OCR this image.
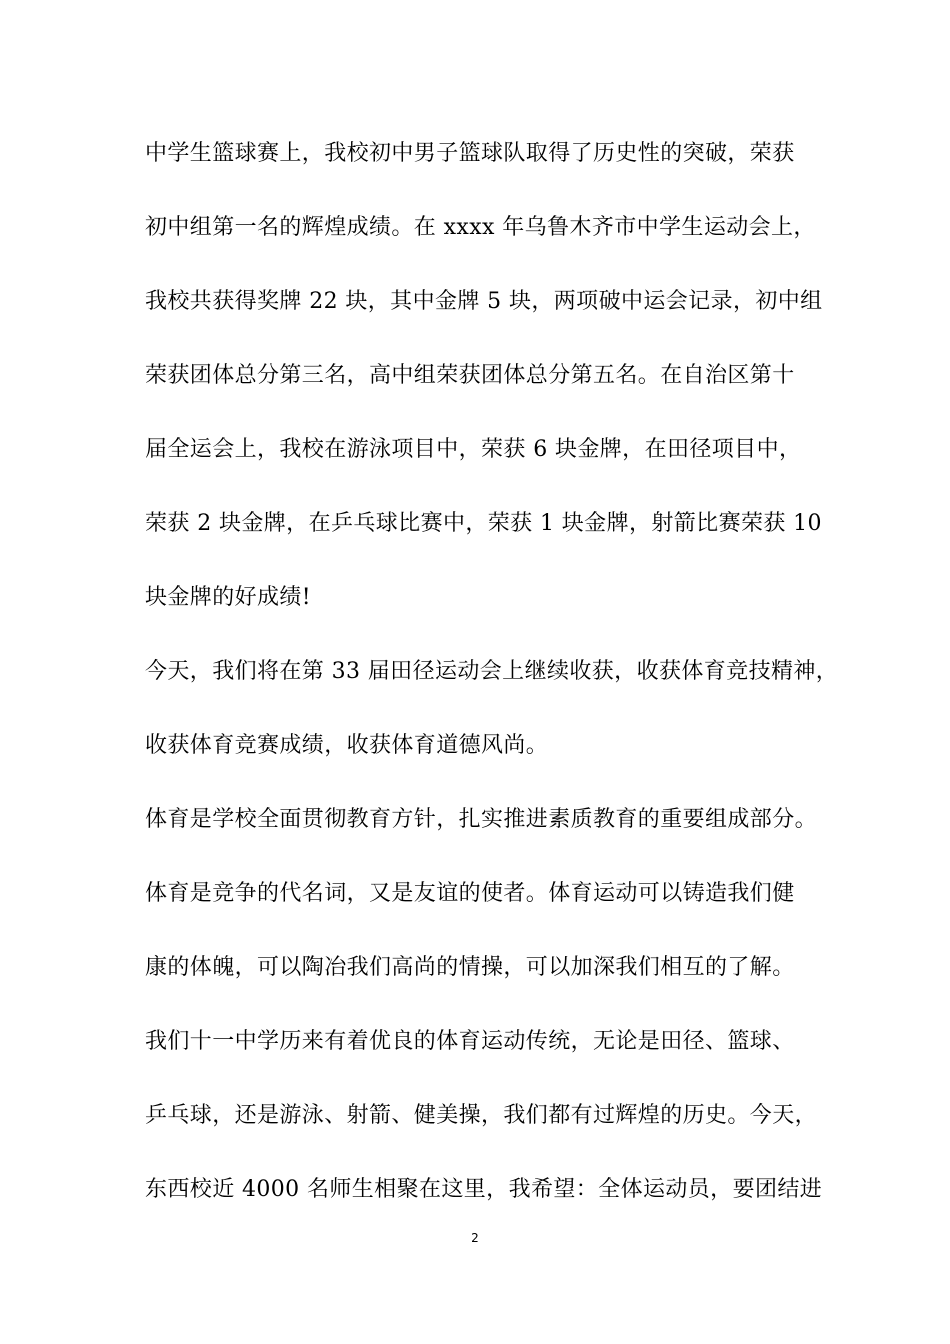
中学生篮球赛上，我校初中男子篮球队取得了历史性的突破，荣获
初中组第一名的辉煌成绩。在 xxxx 年乌鲁木齐市中学生运动会上，
我校共获得奖牌 22 块，其中金牌 5 块，两项破中运会记录，初中组
荣获团体总分第三名，高中组荣获团体总分第五名。在自治区第十
届全运会上，我校在游泳项目中，荣获 6 块金牌，在田径项目中，
荣获 2 块金牌，在乒乓球比赛中，荣获 1 块金牌，射箭比赛荣获 10
块金牌的好成绩!
今天，我们将在第 33 届田径运动会上继续收获，收获体育竞技精神，
收获体育竞赛成绩，收获体育道德风尚。
体育是学校全面贯彻教育方针，扎实推进素质教育的重要组成部分。
体育是竞争的代名词，又是友谊的使者。体育运动可以铸造我们健
康的体魄，可以陶冶我们高尚的情操，可以加深我们相互的了解。
我们十一中学历来有着优良的体育运动传统，无论是田径、篮球、
乒乓球，还是游泳、射箭、健美操，我们都有过辉煌的历史。今天，
东西校近 4000 名师生相聚在这里，我希望：全体运动员，要团结进
2
